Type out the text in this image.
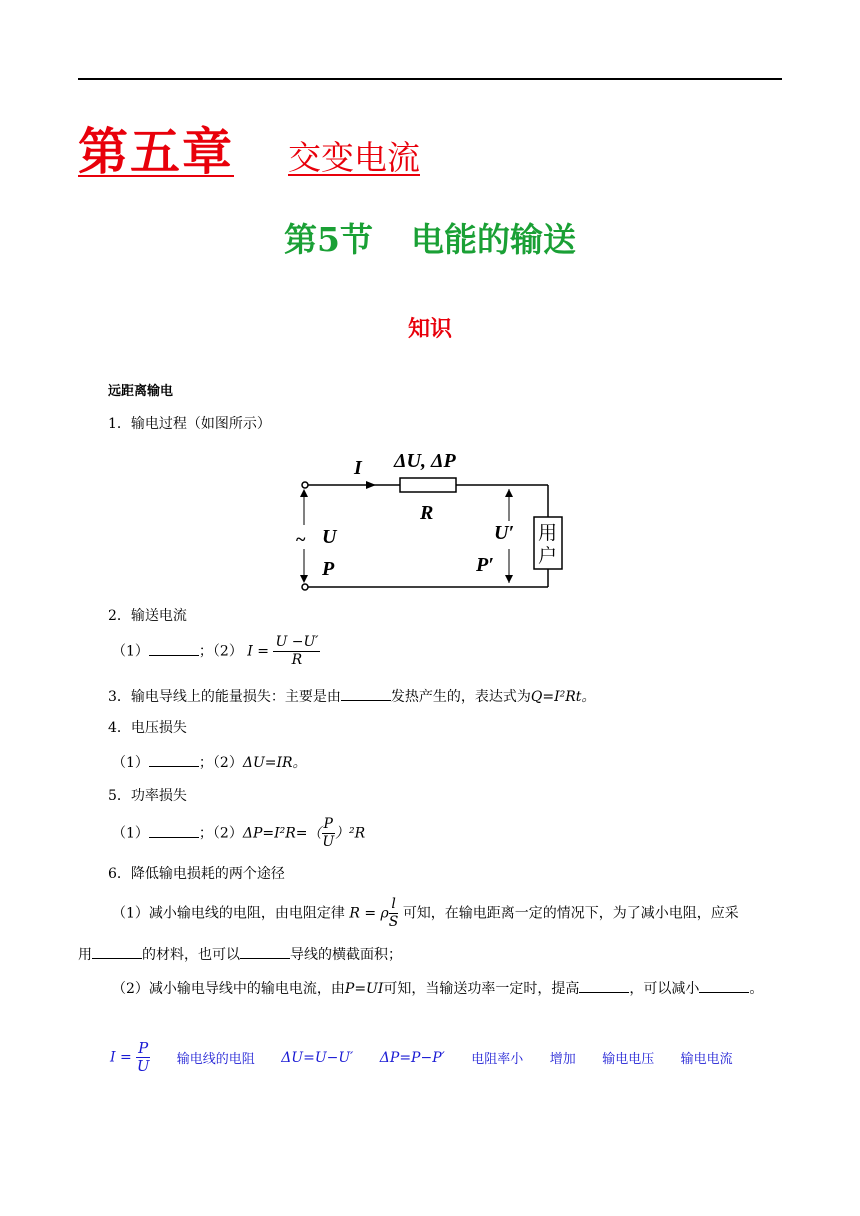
第五章 交变电流
第5节 电能的输送
知识
远距离输电
1．输电过程（如图所示）
I ΔU, ΔP
R
~ U
P
U′
P′
用
户
2．输送电流
（1）	；（2） $I = \frac{U -U'}{R}$
3．输电导线上的能量损失：主要是由	发热产生的，表达式为Q=I²Rt。
4．电压损失
（1）	；（2）ΔU=IR。
5．功率损失
（1）	；$(2)\Delta P=I^2R=( \frac{P}{U} )^2R$
6．降低输电损耗的两个途径
（1）减小输电线的电阻，由电阻定律 R = ρ $\frac{l}{S}$ 可知，在输电距离一定的情况下，为了减小电阻，应采
用	的材料，也可以	导线的横截面积；
（2）减小输电导线中的输电电流，由P=UI可知，当输送功率一定时，提高	，可以减小	。
$I = \frac{P}{U}$ 输电线的电阻 ΔU=U−U′ ΔP=P−P′ 电阻率小 增加 输电电压 输电电流
